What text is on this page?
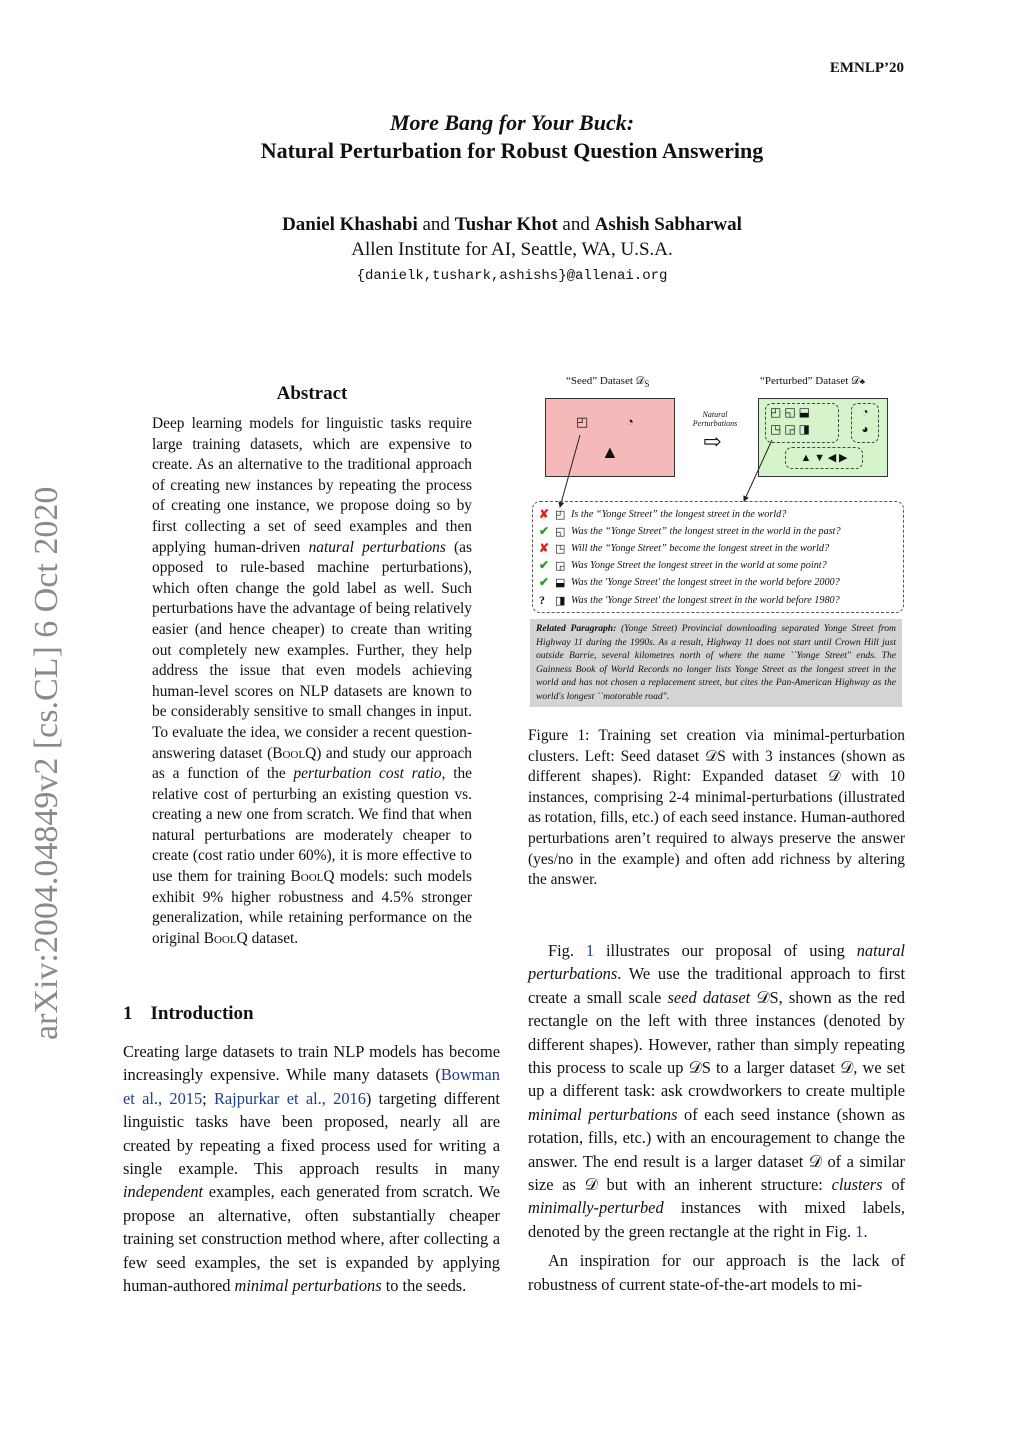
EMNLP’20
More Bang for Your Buck:
Natural Perturbation for Robust Question Answering
Daniel Khashabi and Tushar Khot and Ashish Sabharwal
Allen Institute for AI, Seattle, WA, U.S.A.
{danielk,tushark,ashishs}@allenai.org
arXiv:2004.04849v2 [cs.CL] 6 Oct 2020
Abstract
Deep learning models for linguistic tasks require large training datasets, which are expensive to create. As an alternative to the traditional approach of creating new instances by repeating the process of creating one instance, we propose doing so by first collecting a set of seed examples and then applying human-driven natural perturbations (as opposed to rule-based machine perturbations), which often change the gold label as well. Such perturbations have the advantage of being relatively easier (and hence cheaper) to create than writing out completely new examples. Further, they help address the issue that even models achieving human-level scores on NLP datasets are known to be considerably sensitive to small changes in input. To evaluate the idea, we consider a recent question-answering dataset (BoolQ) and study our approach as a function of the perturbation cost ratio, the relative cost of perturbing an existing question vs. creating a new one from scratch. We find that when natural perturbations are moderately cheaper to create (cost ratio under 60%), it is more effective to use them for training BoolQ models: such models exhibit 9% higher robustness and 4.5% stronger generalization, while retaining performance on the original BoolQ dataset.
1 Introduction
Creating large datasets to train NLP models has become increasingly expensive. While many datasets (Bowman et al., 2015; Rajpurkar et al., 2016) targeting different linguistic tasks have been proposed, nearly all are created by repeating a fixed process used for writing a single example. This approach results in many independent examples, each generated from scratch. We propose an alternative, often substantially cheaper training set construction method where, after collecting a few seed examples, the set is expanded by applying human-authored minimal perturbations to the seeds.
“Seed” Dataset 𝒟$_S$	“Perturbed” Dataset 𝒟♣
◰	◔
▲
Natural Perturbations
⇨
◰ ◱ ⬓
◳ ◲ ◨
◔
◕
▲ ▼ ◀ ▶
✘ ◰ Is the “Yonge Street” the longest street in the world?
✔ ◱ Was the “Yonge Street” the longest street in the world in the past?
✘ ◳ Will the “Yonge Street” become the longest street in the world?
✔ ◲ Was Yonge Street the longest street in the world at some point?
✔ ⬓ Was the 'Yonge Street' the longest street in the world before 2000?
? ◨ Was the 'Yonge Street' the longest street in the world before 1980?
Related Paragraph: (Yonge Street) Provincial downloading separated Yonge Street from Highway 11 during the 1990s. As a result, Highway 11 does not start until Crown Hill just outside Barrie, several kilometres north of where the name ``Yonge Street" ends. The Guinness Book of World Records no longer lists Yonge Street as the longest street in the world and has not chosen a replacement street, but cites the Pan-American Highway as the world's longest ``motorable road".
Figure 1: Training set creation via minimal-perturbation clusters. Left: Seed dataset 𝒟S with 3 instances (shown as different shapes). Right: Expanded dataset 𝒟 with 10 instances, comprising 2-4 minimal-perturbations (illustrated as rotation, fills, etc.) of each seed instance. Human-authored perturbations aren’t required to always preserve the answer (yes/no in the example) and often add richness by altering the answer.

Fig. 1 illustrates our proposal of using natural perturbations. We use the traditional approach to first create a small scale seed dataset 𝒟S, shown as the red rectangle on the left with three instances (denoted by different shapes). However, rather than simply repeating this process to scale up 𝒟S to a larger dataset 𝒟, we set up a different task: ask crowdworkers to create multiple minimal perturbations of each seed instance (shown as rotation, fills, etc.) with an encouragement to change the answer. The end result is a larger dataset 𝒟 of a similar size as 𝒟 but with an inherent structure: clusters of minimally-perturbed instances with mixed labels, denoted by the green rectangle at the right in Fig. 1.

An inspiration for our approach is the lack of robustness of current state-of-the-art models to mi-
